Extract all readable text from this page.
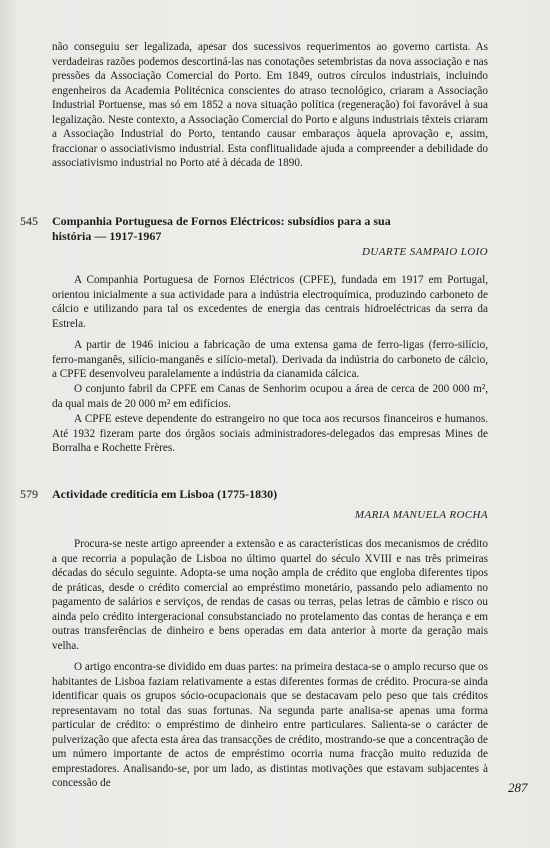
não conseguiu ser legalizada, apesar dos sucessivos requerimentos ao governo cartista. As verdadeiras razões podemos descortiná-las nas conotações setembristas da nova associação e nas pressões da Associação Comercial do Porto. Em 1849, outros círculos industriais, incluindo engenheiros da Academia Politécnica conscientes do atraso tecnológico, criaram a Associação Industrial Portuense, mas só em 1852 a nova situação política (regeneração) foi favorável à sua legalização. Neste contexto, a Associação Comercial do Porto e alguns industriais têxteis criaram a Associação Industrial do Porto, tentando causar embaraços àquela aprovação e, assim, fraccionar o associativismo industrial. Esta conflitualidade ajuda a compreender a debilidade do associativismo industrial no Porto até à década de 1890.

545 Companhia Portuguesa de Fornos Eléctricos: subsídios para a sua história — 1917-1967

DUARTE SAMPAIO LOIO

A Companhia Portuguesa de Fornos Eléctricos (CPFE), fundada em 1917 em Portugal, orientou inicialmente a sua actividade para a indústria electroquímica, produzindo carboneto de cálcio e utilizando para tal os excedentes de energia das centrais hidroeléctricas da serra da Estrela.

A partir de 1946 iniciou a fabricação de uma extensa gama de ferro-ligas (ferro-silício, ferro-manganês, silício-manganês e silício-metal). Derivada da indústria do carboneto de cálcio, a CPFE desenvolveu paralelamente a indústria da cianamida cálcica.

O conjunto fabril da CPFE em Canas de Senhorim ocupou a área de cerca de 200 000 m², da qual mais de 20 000 m² em edifícios.

A CPFE esteve dependente do estrangeiro no que toca aos recursos financeiros e humanos. Até 1932 fizeram parte dos órgãos sociais administradores-delegados das empresas Mines de Borralha e Rochette Frères.

579 Actividade creditícia em Lisboa (1775-1830)

MARIA MANUELA ROCHA

Procura-se neste artigo apreender a extensão e as características dos mecanismos de crédito a que recorria a população de Lisboa no último quartel do século XVIII e nas três primeiras décadas do século seguinte. Adopta-se uma noção ampla de crédito que engloba diferentes tipos de práticas, desde o crédito comercial ao empréstimo monetário, passando pelo adiamento no pagamento de salários e serviços, de rendas de casas ou terras, pelas letras de câmbio e risco ou ainda pelo crédito intergeracional consubstanciado no protelamento das contas de herança e em outras transferências de dinheiro e bens operadas em data anterior à morte da geração mais velha.

O artigo encontra-se dividido em duas partes: na primeira destaca-se o amplo recurso que os habitantes de Lisboa faziam relativamente a estas diferentes formas de crédito. Procura-se ainda identificar quais os grupos sócio-ocupacionais que se destacavam pelo peso que tais créditos representavam no total das suas fortunas. Na segunda parte analisa-se apenas uma forma particular de crédito: o empréstimo de dinheiro entre particulares. Salienta-se o carácter de pulverização que afecta esta área das transacções de crédito, mostrando-se que a concentração de um número importante de actos de empréstimo ocorria numa fracção muito reduzida de emprestadores. Analisando-se, por um lado, as distintas motivações que estavam subjacentes à concessão de	287
